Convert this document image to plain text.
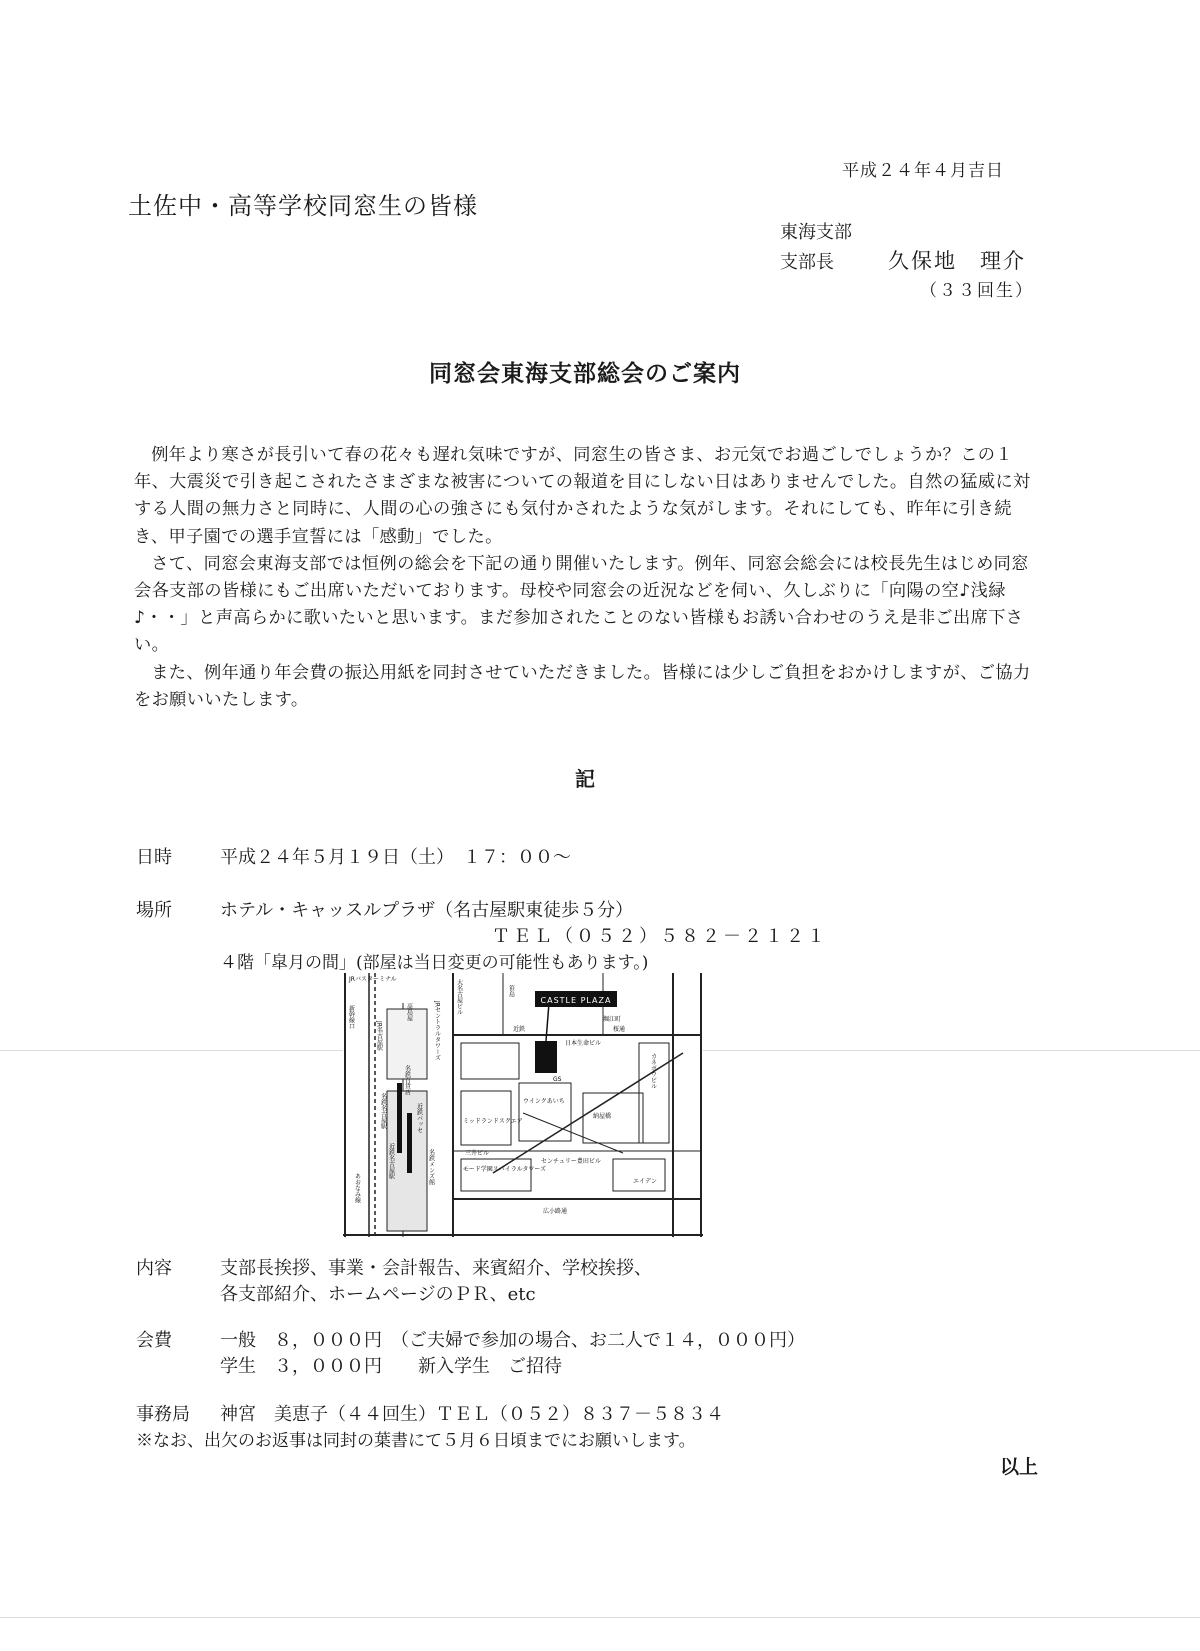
平成２４年４月吉日
土佐中・高等学校同窓生の皆様
東海支部
支部長	久保地　理介
（３３回生）
同窓会東海支部総会のご案内

例年より寒さが長引いて春の花々も遅れ気味ですが、同窓生の皆さま、お元気でお過ごしでしょうか？この１年、大震災で引き起こされたさまざまな被害についての報道を目にしない日はありませんでした。自然の猛威に対する人間の無力さと同時に、人間の心の強さにも気付かされたような気がします。それにしても、昨年に引き続き、甲子園での選手宣誓には「感動」でした。

さて、同窓会東海支部では恒例の総会を下記の通り開催いたします。例年、同窓会総会には校長先生はじめ同窓会各支部の皆様にもご出席いただいております。母校や同窓会の近況などを伺い、久しぶりに「向陽の空♪浅緑♪・・」と声高らかに歌いたいと思います。まだ参加されたことのない皆様もお誘い合わせのうえ是非ご出席下さい。

また、例年通り年会費の振込用紙を同封させていただきました。皆様には少しご負担をおかけしますが、ご協力をお願いいたします。

記
日時	平成２４年５月１９日（土）　１７：００～
場所	ホテル・キャッスルプラザ（名古屋駅東徒歩５分）
ＴＥＬ（０５２）５８２－２１２１
４階「皐月の間」(部屋は当日変更の可能性もあります。)
CASTLE PLAZA
JRバスターミナル
JR名古屋駅
新幹線口	髙島屋	JRセントラルタワーズ
大名古屋ビル	笹島
近鉄	桜通
堀江町
日本生命ビル
名鉄百貨店
名鉄名古屋駅
近鉄名古屋駅
近鉄パッセ
名鉄メンズ館
あおなみ線
ミッドランドスクエア
ウインクあいち
GS	カネボウビル
センチュリー豊田ビル
三井ビル
モード学園スパイラルタワーズ
広小路通
エイデン
納屋橋
内容	支部長挨拶、事業・会計報告、来賓紹介、学校挨拶、
各支部紹介、ホームページのＰＲ、etc
会費	一般　８，０００円　（ご夫婦で参加の場合、お二人で１４，０００円）
学生　３，０００円　　新入学生　ご招待
事務局 神宮　美恵子（４４回生）ＴＥＬ（０５２）８３７－５８３４
※なお、出欠のお返事は同封の葉書にて５月６日頃までにお願いします。
以上
